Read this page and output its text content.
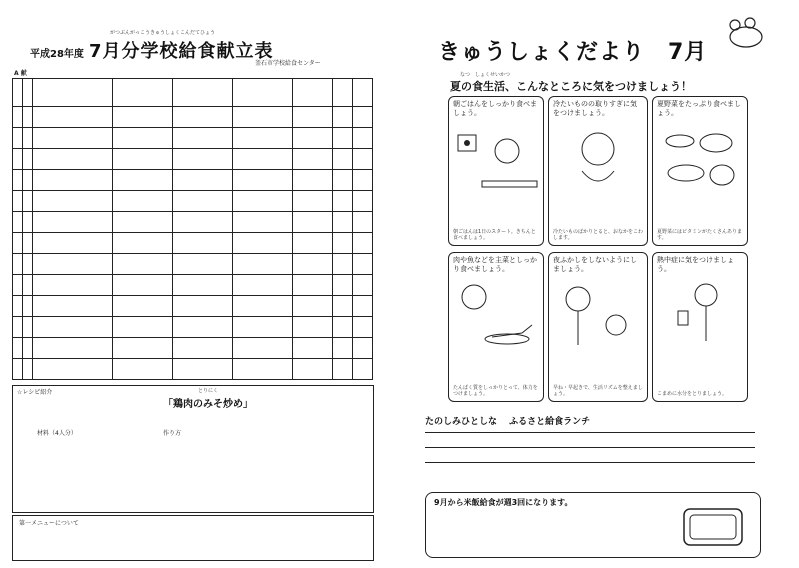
がつぶんがっこうきゅうしょくこんだてひょう
平成28年度 7月分学校給食献立表
釜石市学校給食センター
A 献

☆レシピ紹介	とりにく
「鶏肉のみそ炒め」
材料（4人分）	作り方
第一メニューについて
きゅうしょくだより　7月
なつ　しょくせいかつ
夏の食生活、こんなところに気をつけましょう！
朝ごはんをしっかり食べましょう。
朝ごはんは1日のスタート。きちんと食べましょう。
冷たいものの取りすぎに気をつけましょう。
冷たいものばかりとると、おなかをこわします。
夏野菜をたっぷり食べましょう。
夏野菜にはビタミンがたくさんあります。
肉や魚などを主菜としっかり食べましょう。
たんぱく質をしっかりとって、体力をつけましょう。
夜ふかしをしないようにしましょう。
早ね・早起きで、生活リズムを整えましょう。
熱中症に気をつけましょう。
こまめに水分をとりましょう。
たのしみひとしな　 ふるさと給食ランチ
9月から米飯給食が週3回になります。
